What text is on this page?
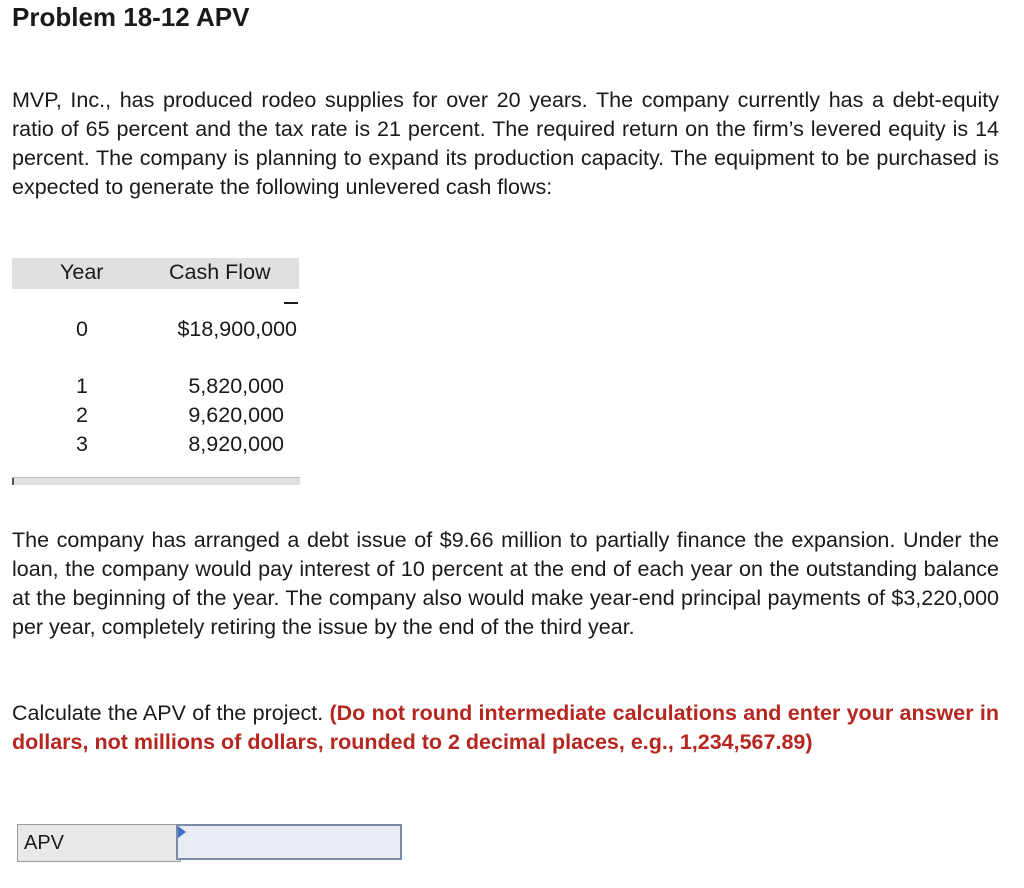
Problem 18-12 APV

MVP, Inc., has produced rodeo supplies for over 20 years. The company currently has a debt-equity ratio of 65 percent and the tax rate is 21 percent. The required return on the firm’s levered equity is 14 percent. The company is planning to expand its production capacity. The equipment to be purchased is expected to generate the following unlevered cash flows:

Year	Cash Flow
0	$18,900,000
1	5,820,000
2	9,620,000
3	8,920,000

The company has arranged a debt issue of $9.66 million to partially finance the expansion. Under the loan, the company would pay interest of 10 percent at the end of each year on the outstanding balance at the beginning of the year. The company also would make year-end principal payments of $3,220,000 per year, completely retiring the issue by the end of the third year.

Calculate the APV of the project. (Do not round intermediate calculations and enter your answer in dollars, not millions of dollars, rounded to 2 decimal places, e.g., 1,234,567.89)

APV
